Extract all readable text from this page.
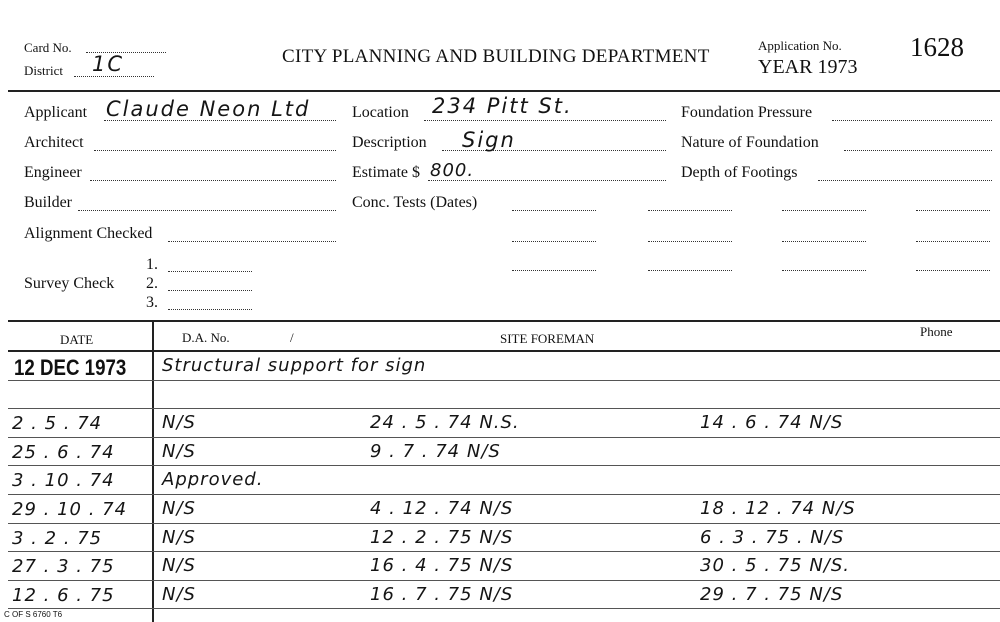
Card No.
District 1C	CITY PLANNING AND BUILDING DEPARTMENT
Application No.
YEAR 1973
1628
Applicant Claude Neon Ltd
Architect
Engineer
Builder
Alignment Checked
Survey Check
1.
2.
3.
Location 234 Pitt St.
Description Sign
Estimate $ 800.
Conc. Tests (Dates)
Foundation Pressure
Nature of Foundation
Depth of Footings
DATE	D.A. No.	/	SITE FOREMAN	Phone
12 DEC 1973 Structural support for sign
2 . 5 . 74	N/S	24 . 5 . 74 N.S.	14 . 6 . 74 N/S
25 . 6 . 74	N/S	9 . 7 . 74 N/S
3 . 10 . 74	Approved.
29 . 10 . 74 N/S	4 . 12 . 74 N/S	18 . 12 . 74 N/S
3 . 2 . 75	N/S	12 . 2 . 75 N/S	6 . 3 . 75 . N/S
27 . 3 . 75	N/S	16 . 4 . 75 N/S	30 . 5 . 75 N/S.
12 . 6 . 75	N/S	16 . 7 . 75 N/S	29 . 7 . 75 N/S
C OF S 6760 T6
